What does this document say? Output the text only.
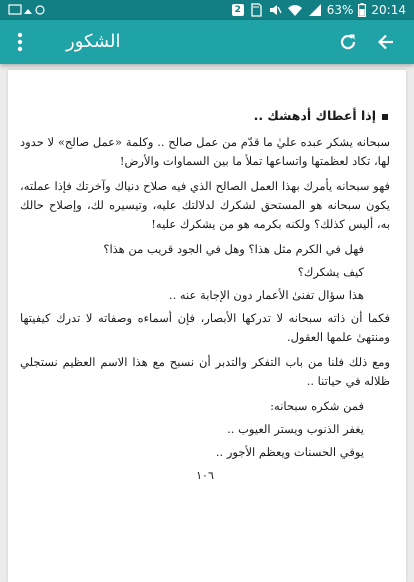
2	63% 20:14
الشكور
إذا أعطاك أدهشك ..

سبحانه يشكر عبده عليٰ ما قدّم من عمل صالح .. وكلمة «عمل صالح» لا حدود لها، تكاد لعظمتها واتساعها تملأ ما بين السماوات والأرض!

فهو سبحانه يأمرك بهذا العمل الصالح الذي فيه صلاح دنياك وآخرتك فإذا عملته، يكون سبحانه هو المستحق لشكرك لدلالتك عليه، وتيسيره لك، وإصلاح حالك به، أليس كذلك؟ ولكنه بكرمه هو من يشكرك عليه!

فهل في الكرم مثل هذا؟ وهل في الجود قريب من هذا؟

كيف يشكرك؟

هذا سؤال تفنىٰ الأعمار دون الإجابة عنه ..

فكما أن ذاته سبحانه لا تدركها الأبصار، فإن أسماءه وصفاته لا تدرك كيفيتها ومنتهىٰ علمها العقول.

ومع ذلك فلنا من باب التفكر والتدبر أن نسبح مع هذا الاسم العظيم نستجلي ظلاله في حياتنا ..

فمن شكره سبحانه:

يغفر الذنوب ويستر العيوب ..

يوفي الحسنات ويعظم الأجور ..

١٠٦
